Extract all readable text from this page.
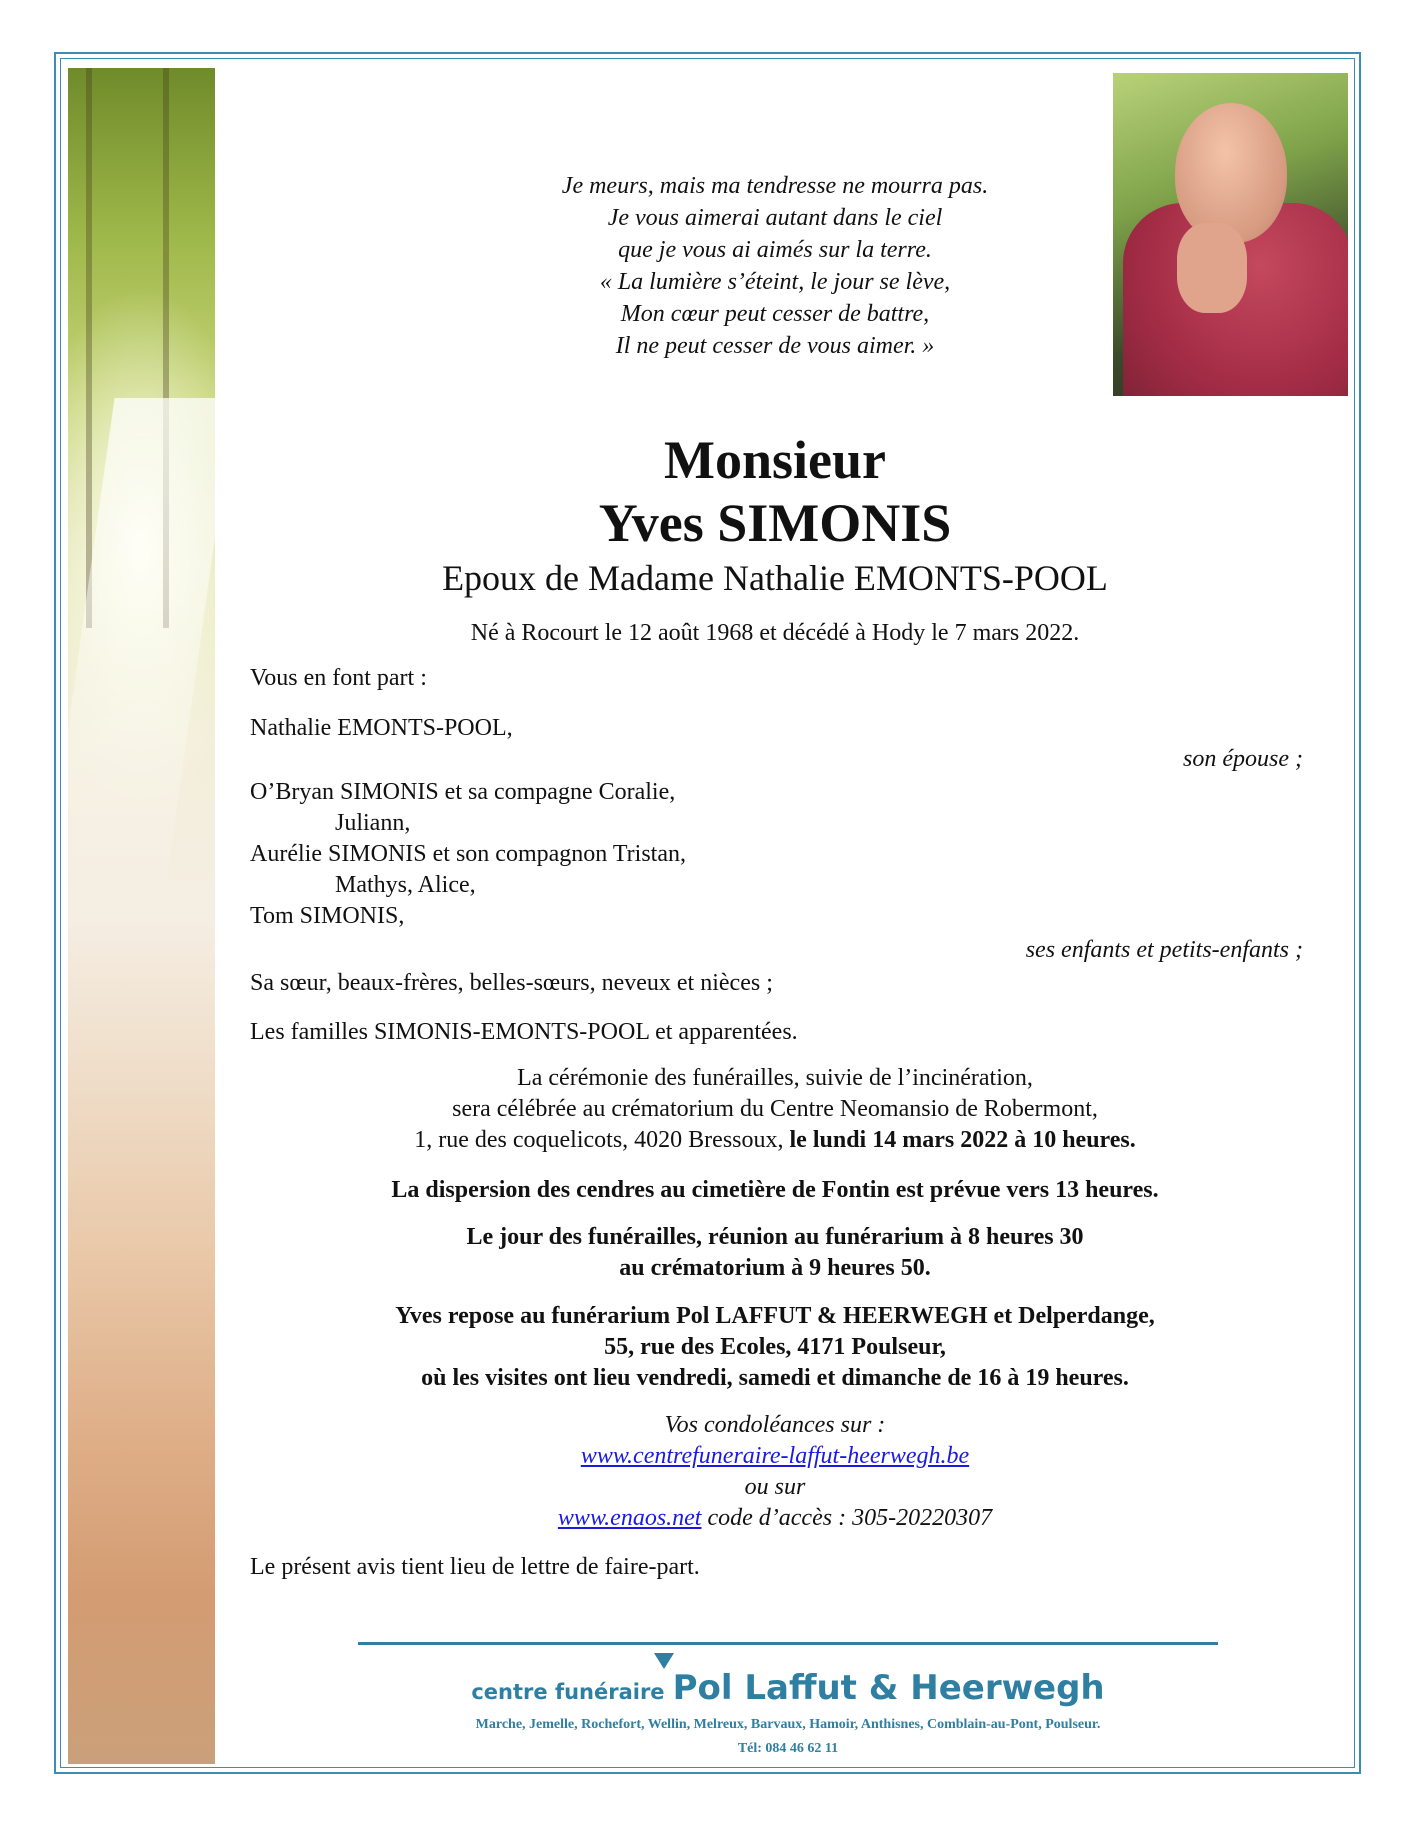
Je meurs, mais ma tendresse ne mourra pas.
Je vous aimerai autant dans le ciel
que je vous ai aimés sur la terre.
« La lumière s’éteint, le jour se lève,
Mon cœur peut cesser de battre,
Il ne peut cesser de vous aimer. »
Monsieur
Yves SIMONIS
Epoux de Madame Nathalie EMONTS-POOL
Né à Rocourt le 12 août 1968 et décédé à Hody le 7 mars 2022.
Vous en font part :
Nathalie EMONTS-POOL,
son épouse ;
O’Bryan SIMONIS et sa compagne Coralie,
Juliann,
Aurélie SIMONIS et son compagnon Tristan,
Mathys, Alice,
Tom SIMONIS,
ses enfants et petits-enfants ;
Sa sœur, beaux-frères, belles-sœurs, neveux et nièces ;
Les familles SIMONIS-EMONTS-POOL et apparentées.
La cérémonie des funérailles, suivie de l’incinération,
sera célébrée au crématorium du Centre Neomansio de Robermont,
1, rue des coquelicots, 4020 Bressoux, le lundi 14 mars 2022 à 10 heures.
La dispersion des cendres au cimetière de Fontin est prévue vers 13 heures.
Le jour des funérailles, réunion au funérarium à 8 heures 30
au crématorium à 9 heures 50.
Yves repose au funérarium Pol LAFFUT & HEERWEGH et Delperdange,
55, rue des Ecoles, 4171 Poulseur,
où les visites ont lieu vendredi, samedi et dimanche de 16 à 19 heures.
Vos condoléances sur :
www.centrefuneraire-laffut-heerwegh.be
ou sur
www.enaos.net code d’accès : 305-20220307
Le présent avis tient lieu de lettre de faire-part.
centre funéraire Pol Laffut & Heerwegh
Marche, Jemelle, Rochefort, Wellin, Melreux, Barvaux, Hamoir, Anthisnes, Comblain-au-Pont, Poulseur.
Tél: 084 46 62 11
